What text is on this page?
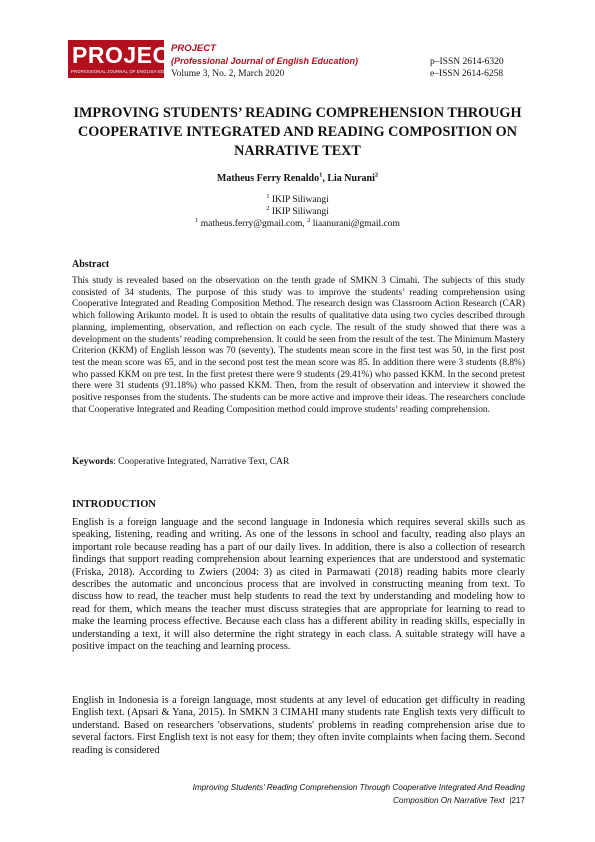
PROJECT
PROFESSIONAL JOURNAL OF ENGLISH EDUCATION
PROJECT
(Professional Journal of English Education)
Volume 3, No. 2, March 2020
p–ISSN 2614-6320
e–ISSN 2614-6258
IMPROVING STUDENTS’ READING COMPREHENSION THROUGH COOPERATIVE INTEGRATED AND READING COMPOSITION ON NARRATIVE TEXT
Matheus Ferry Renaldo$^1$, Lia Nurani$^2$
$^1$ IKIP Siliwangi
$^2$ IKIP Siliwangi
$^1$ matheus.ferry@gmail.com, $^2$ liaanurani@gmail.com
Abstract

This study is revealed based on the observation on the tenth grade of SMKN 3 Cimahi. The subjects of this study consisted of 34 students. The purpose of this study was to improve the students’ reading comprehension using Cooperative Integrated and Reading Composition Method. The research design was Classroom Action Research (CAR) which following Arikunto model. It is used to obtain the results of qualitative data using two cycles described through planning, implementing, observation, and reflection on each cycle. The result of the study showed that there was a development on the students’ reading comprehension. It could be seen from the result of the test. The Minimum Mastery Criterion (KKM) of English lesson was 70 (seventy). The students mean score in the first test was 50, in the first post test the mean score was 65, and in the second post test the mean score was 85. In addition there were 3 students (8.8%) who passed KKM on pre test. In the first pretest there were 9 students (29.41%) who passed KKM. In the second pretest there were 31 students (91.18%) who passed KKM. Then, from the result of observation and interview it showed the positive responses from the students. The students can be more active and improve their ideas. The researchers conclude that Cooperative Integrated and Reading Composition method could improve students’ reading comprehension.

Keywords: Cooperative Integrated, Narrative Text, CAR
INTRODUCTION

English is a foreign language and the second language in Indonesia which requires several skills such as speaking, listening, reading and writing. As one of the lessons in school and faculty, reading also plays an important role because reading has a part of our daily lives. In addition, there is also a collection of research findings that support reading comprehension about learning experiences that are understood and systematic (Friska, 2018). According to Zwiers (2004: 3) as cited in Parmawati (2018) reading habits more clearly describes the automatic and unconcious process that are involved in constructing meaning from text. To discuss how to read, the teacher must help students to read the text by understanding and modeling how to read for them, which means the teacher must discuss strategies that are appropriate for learning to read to make the learning process effective. Because each class has a different ability in reading skills, especially in understanding a text, it will also determine the right strategy in each class. A suitable strategy will have a positive impact on the teaching and learning process.

English in Indonesia is a foreign language, most students at any level of education get difficulty in reading English text. (Apsari & Yana, 2015). In SMKN 3 CIMAHI many students rate English texts very difficult to understand. Based on researchers 'observations, students' problems in reading comprehension arise due to several factors. First English text is not easy for them; they often invite complaints when facing them. Second reading is considered

Improving Students’ Reading Comprehension Through Cooperative Integrated And Reading
Composition On Narrative Text |217
